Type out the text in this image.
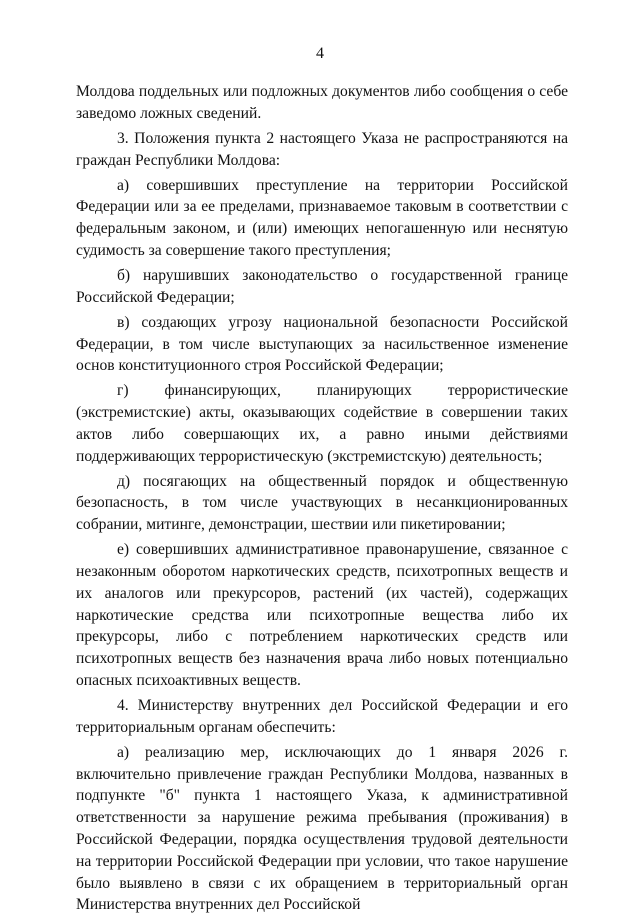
4

Молдова поддельных или подложных документов либо сообщения о себе заведомо ложных сведений.

3. Положения пункта 2 настоящего Указа не распространяются на граждан Республики Молдова:

а) совершивших преступление на территории Российской Федерации или за ее пределами, признаваемое таковым в соответствии с федеральным законом, и (или) имеющих непогашенную или неснятую судимость за совершение такого преступления;

б) нарушивших законодательство о государственной границе Российской Федерации;

в) создающих угрозу национальной безопасности Российской Федерации, в том числе выступающих за насильственное изменение основ конституционного строя Российской Федерации;

г) финансирующих, планирующих террористические (экстремистские) акты, оказывающих содействие в совершении таких актов либо совершающих их, а равно иными действиями поддерживающих террористическую (экстремистскую) деятельность;

д) посягающих на общественный порядок и общественную безопасность, в том числе участвующих в несанкционированных собрании, митинге, демонстрации, шествии или пикетировании;

е) совершивших административное правонарушение, связанное с незаконным оборотом наркотических средств, психотропных веществ и их аналогов или прекурсоров, растений (их частей), содержащих наркотические средства или психотропные вещества либо их прекурсоры, либо с потреблением наркотических средств или психотропных веществ без назначения врача либо новых потенциально опасных психоактивных веществ.

4. Министерству внутренних дел Российской Федерации и его территориальным органам обеспечить:

а) реализацию мер, исключающих до 1 января 2026 г. включительно привлечение граждан Республики Молдова, названных в подпункте "б" пункта 1 настоящего Указа, к административной ответственности за нарушение режима пребывания (проживания) в Российской Федерации, порядка осуществления трудовой деятельности на территории Российской Федерации при условии, что такое нарушение было выявлено в связи с их обращением в территориальный орган Министерства внутренних дел Российской
